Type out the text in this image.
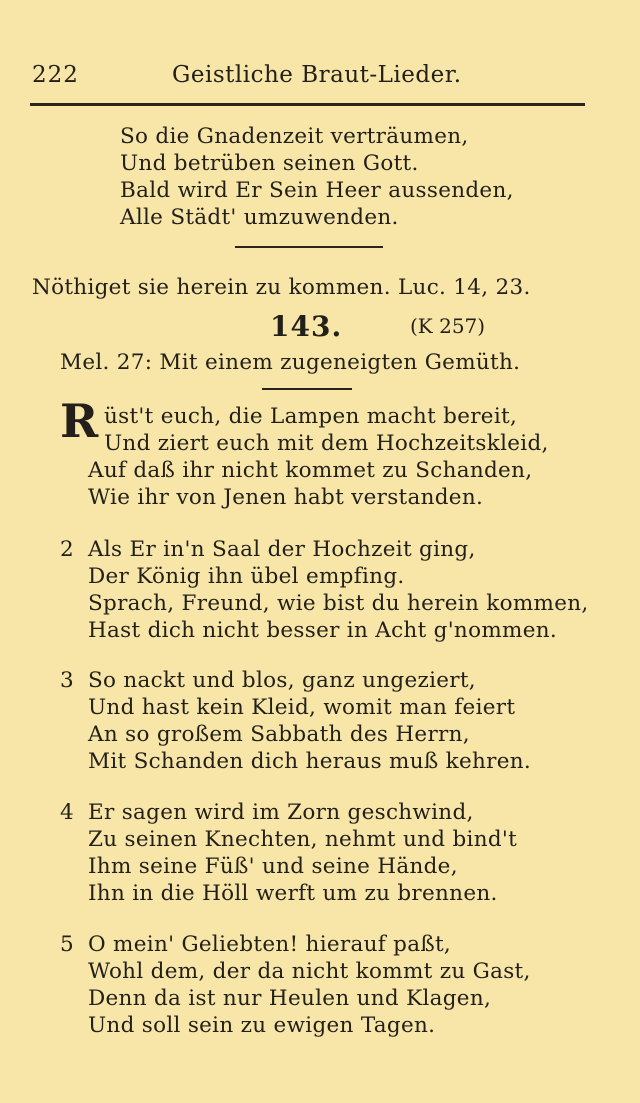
222	Geistliche Braut-Lieder.
So die Gnadenzeit verträumen,
Und betrüben seinen Gott.
Bald wird Er Sein Heer aussenden,
Alle Städt' umzuwenden.
Nöthiget sie herein zu kommen. Luc. 14, 23.
143.	(K 257)
Mel. 27: Mit einem zugeneigten Gemüth.
R üst't euch, die Lampen macht bereit,
Und ziert euch mit dem Hochzeitskleid,
Auf daß ihr nicht kommet zu Schanden,
Wie ihr von Jenen habt verstanden.
2 Als Er in'n Saal der Hochzeit ging,
Der König ihn übel empfing.
Sprach, Freund, wie bist du herein kommen,
Hast dich nicht besser in Acht g'nommen.
3 So nackt und blos, ganz ungeziert,
Und hast kein Kleid, womit man feiert
An so großem Sabbath des Herrn,
Mit Schanden dich heraus muß kehren.
4 Er sagen wird im Zorn geschwind,
Zu seinen Knechten, nehmt und bind't
Ihm seine Füß' und seine Hände,
Ihn in die Höll werft um zu brennen.
5 O mein' Geliebten! hierauf paßt,
Wohl dem, der da nicht kommt zu Gast,
Denn da ist nur Heulen und Klagen,
Und soll sein zu ewigen Tagen.
